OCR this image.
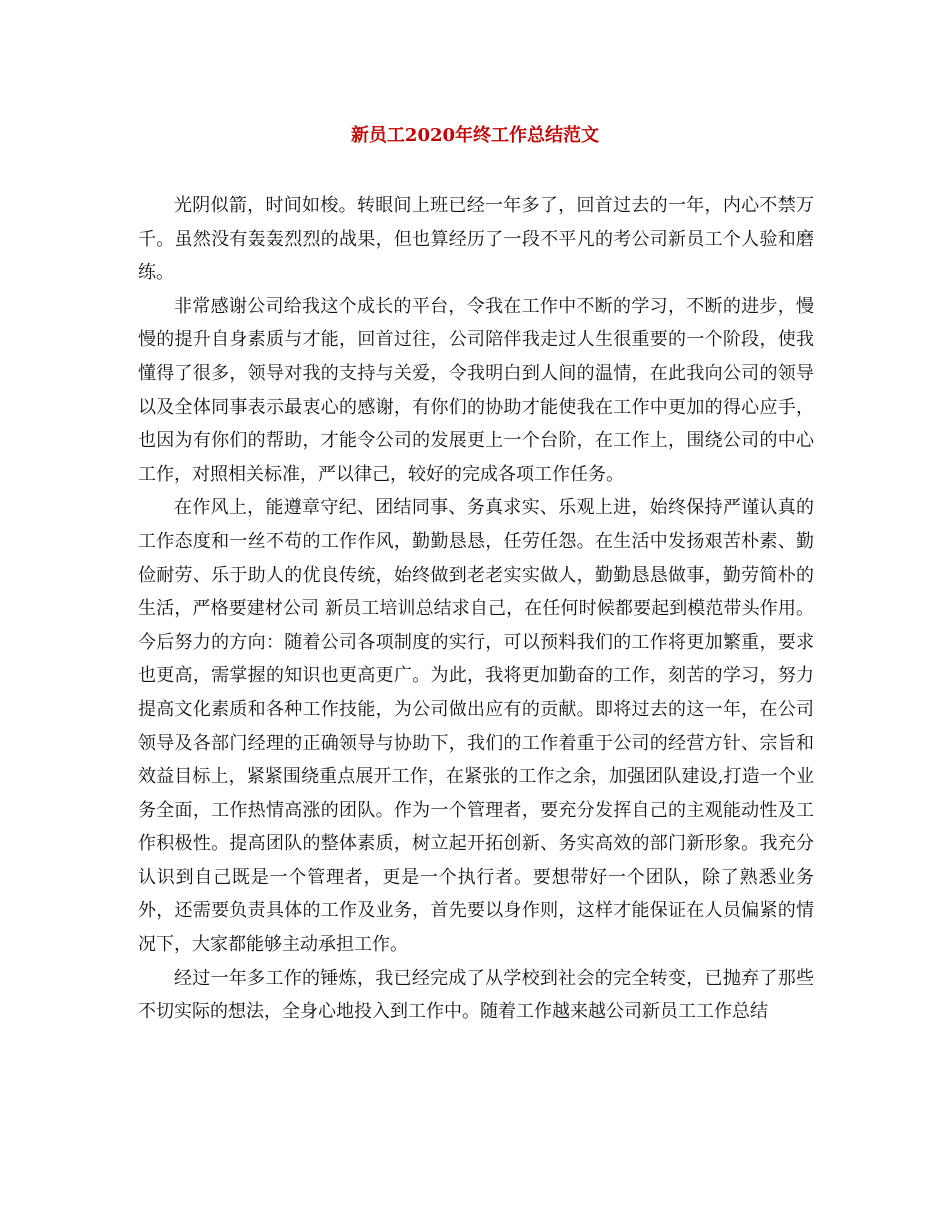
新员工2020年终工作总结范文

光阴似箭，时间如梭。转眼间上班已经一年多了，回首过去的一年，内心不禁万千。虽然没有轰轰烈烈的战果，但也算经历了一段不平凡的考公司新员工个人验和磨练。

非常感谢公司给我这个成长的平台，令我在工作中不断的学习，不断的进步，慢慢的提升自身素质与才能，回首过往，公司陪伴我走过人生很重要的一个阶段，使我懂得了很多，领导对我的支持与关爱，令我明白到人间的温情，在此我向公司的领导以及全体同事表示最衷心的感谢，有你们的协助才能使我在工作中更加的得心应手，也因为有你们的帮助，才能令公司的发展更上一个台阶，在工作上，围绕公司的中心工作，对照相关标准，严以律己，较好的完成各项工作任务。

在作风上，能遵章守纪、团结同事、务真求实、乐观上进，始终保持严谨认真的工作态度和一丝不苟的工作作风，勤勤恳恳，任劳任怨。在生活中发扬艰苦朴素、勤俭耐劳、乐于助人的优良传统，始终做到老老实实做人，勤勤恳恳做事，勤劳简朴的生活，严格要建材公司 新员工培训总结求自己，在任何时候都要起到模范带头作用。今后努力的方向：随着公司各项制度的实行，可以预料我们的工作将更加繁重，要求也更高，需掌握的知识也更高更广。为此，我将更加勤奋的工作，刻苦的学习，努力提高文化素质和各种工作技能，为公司做出应有的贡献。即将过去的这一年，在公司领导及各部门经理的正确领导与协助下，我们的工作着重于公司的经营方针、宗旨和效益目标上，紧紧围绕重点展开工作，在紧张的工作之余，加强团队建设,打造一个业务全面，工作热情高涨的团队。作为一个管理者，要充分发挥自己的主观能动性及工作积极性。提高团队的整体素质，树立起开拓创新、务实高效的部门新形象。我充分认识到自己既是一个管理者，更是一个执行者。要想带好一个团队，除了熟悉业务外，还需要负责具体的工作及业务，首先要以身作则，这样才能保证在人员偏紧的情况下，大家都能够主动承担工作。

经过一年多工作的锤炼，我已经完成了从学校到社会的完全转变，已抛弃了那些不切实际的想法，全身心地投入到工作中。随着工作越来越公司新员工工作总结
